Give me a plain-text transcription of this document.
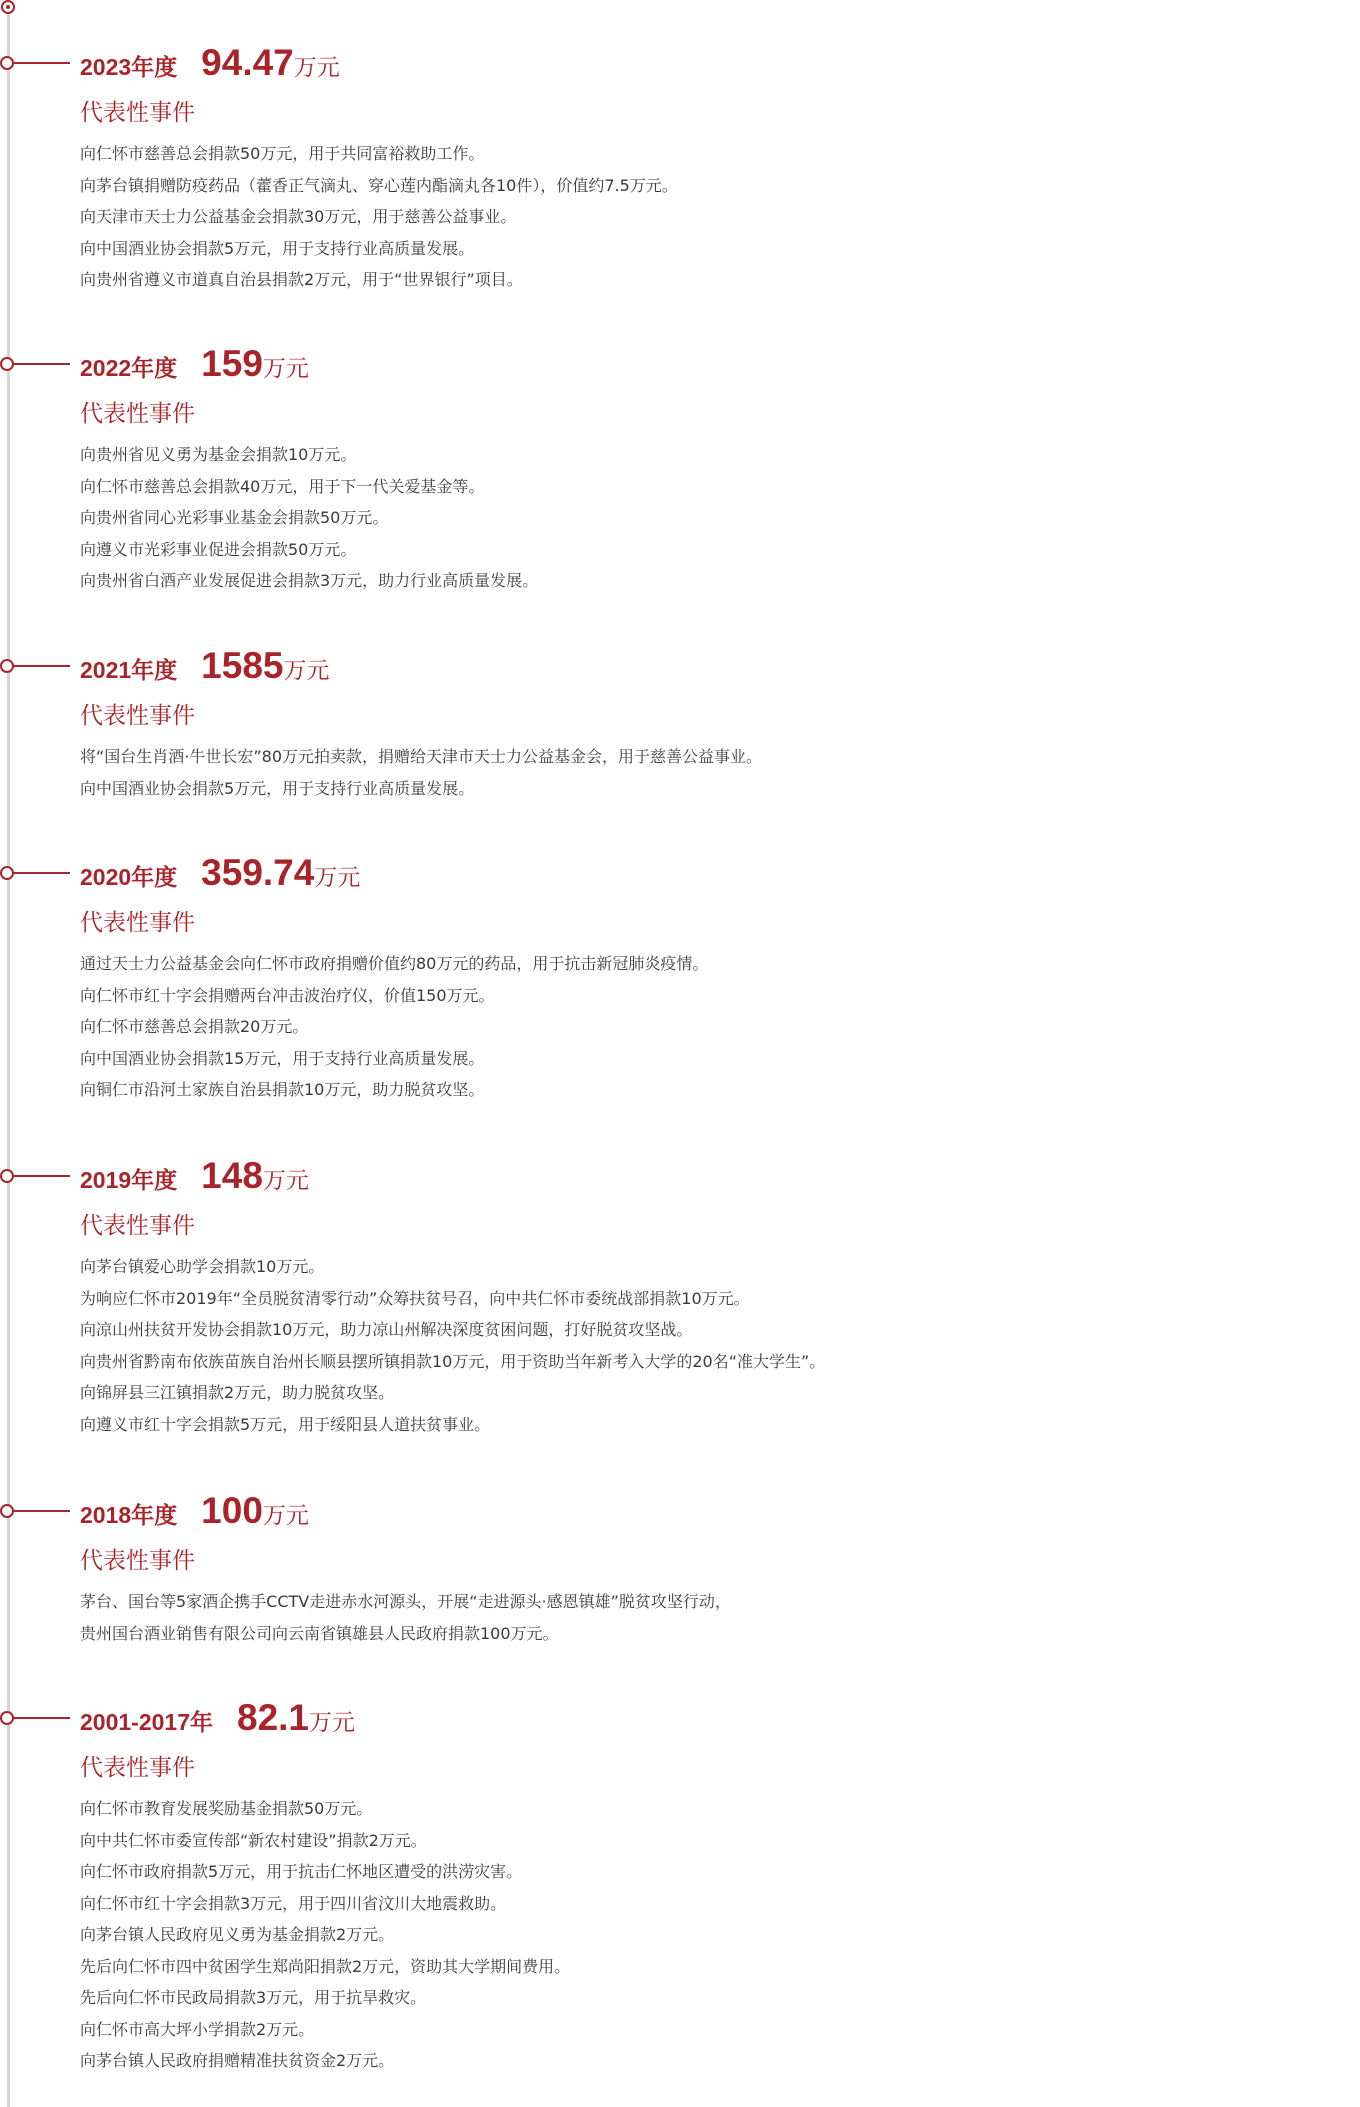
2023年度 94.47万元
代表性事件
向仁怀市慈善总会捐款50万元，用于共同富裕救助工作。
向茅台镇捐赠防疫药品（藿香正气滴丸、穿心莲内酯滴丸各10件），价值约7.5万元。
向天津市天士力公益基金会捐款30万元，用于慈善公益事业。
向中国酒业协会捐款5万元，用于支持行业高质量发展。
向贵州省遵义市道真自治县捐款2万元，用于“世界银行”项目。
2022年度 159万元
代表性事件
向贵州省见义勇为基金会捐款10万元。
向仁怀市慈善总会捐款40万元，用于下一代关爱基金等。
向贵州省同心光彩事业基金会捐款50万元。
向遵义市光彩事业促进会捐款50万元。
向贵州省白酒产业发展促进会捐款3万元，助力行业高质量发展。
2021年度 1585万元
代表性事件
将“国台生肖酒·牛世长宏”80万元拍卖款，捐赠给天津市天士力公益基金会，用于慈善公益事业。
向中国酒业协会捐款5万元，用于支持行业高质量发展。
2020年度 359.74万元
代表性事件
通过天士力公益基金会向仁怀市政府捐赠价值约80万元的药品，用于抗击新冠肺炎疫情。
向仁怀市红十字会捐赠两台冲击波治疗仪，价值150万元。
向仁怀市慈善总会捐款20万元。
向中国酒业协会捐款15万元，用于支持行业高质量发展。
向铜仁市沿河土家族自治县捐款10万元，助力脱贫攻坚。
2019年度 148万元
代表性事件
向茅台镇爱心助学会捐款10万元。
为响应仁怀市2019年“全员脱贫清零行动”众筹扶贫号召，向中共仁怀市委统战部捐款10万元。
向凉山州扶贫开发协会捐款10万元，助力凉山州解决深度贫困问题，打好脱贫攻坚战。
向贵州省黔南布依族苗族自治州长顺县摆所镇捐款10万元，用于资助当年新考入大学的20名“准大学生”。
向锦屏县三江镇捐款2万元，助力脱贫攻坚。
向遵义市红十字会捐款5万元，用于绥阳县人道扶贫事业。
2018年度 100万元
代表性事件
茅台、国台等5家酒企携手CCTV走进赤水河源头，开展“走进源头·感恩镇雄”脱贫攻坚行动，
贵州国台酒业销售有限公司向云南省镇雄县人民政府捐款100万元。
2001-2017年 82.1万元
代表性事件
向仁怀市教育发展奖励基金捐款50万元。
向中共仁怀市委宣传部“新农村建设”捐款2万元。
向仁怀市政府捐款5万元，用于抗击仁怀地区遭受的洪涝灾害。
向仁怀市红十字会捐款3万元，用于四川省汶川大地震救助。
向茅台镇人民政府见义勇为基金捐款2万元。
先后向仁怀市四中贫困学生郑尚阳捐款2万元，资助其大学期间费用。
先后向仁怀市民政局捐款3万元，用于抗旱救灾。
向仁怀市高大坪小学捐款2万元。
向茅台镇人民政府捐赠精准扶贫资金2万元。
